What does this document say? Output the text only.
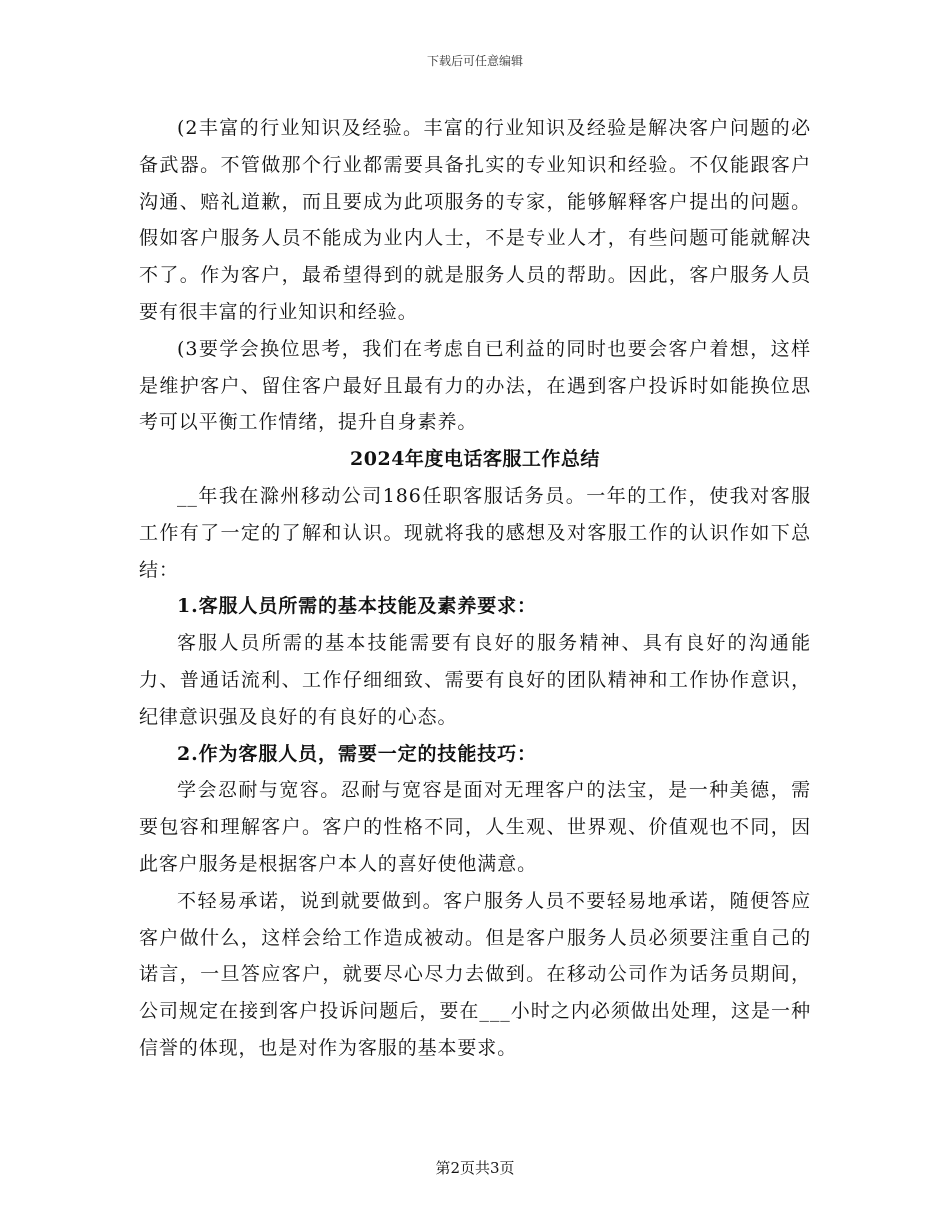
下载后可任意编辑

(2丰富的行业知识及经验。丰富的行业知识及经验是解决客户问题的必备武器。不管做那个行业都需要具备扎实的专业知识和经验。不仅能跟客户沟通、赔礼道歉，而且要成为此项服务的专家，能够解释客户提出的问题。假如客户服务人员不能成为业内人士，不是专业人才，有些问题可能就解决不了。作为客户，最希望得到的就是服务人员的帮助。因此，客户服务人员要有很丰富的行业知识和经验。

(3要学会换位思考，我们在考虑自已利益的同时也要会客户着想，这样是维护客户、留住客户最好且最有力的办法，在遇到客户投诉时如能换位思考可以平衡工作情绪，提升自身素养。

2024年度电话客服工作总结

__年我在滁州移动公司186任职客服话务员。一年的工作，使我对客服工作有了一定的了解和认识。现就将我的感想及对客服工作的认识作如下总结：

1.客服人员所需的基本技能及素养要求：

客服人员所需的基本技能需要有良好的服务精神、具有良好的沟通能力、普通话流利、工作仔细细致、需要有良好的团队精神和工作协作意识，纪律意识强及良好的有良好的心态。

2.作为客服人员，需要一定的技能技巧：

学会忍耐与宽容。忍耐与宽容是面对无理客户的法宝，是一种美德，需要包容和理解客户。客户的性格不同，人生观、世界观、价值观也不同，因此客户服务是根据客户本人的喜好使他满意。

不轻易承诺，说到就要做到。客户服务人员不要轻易地承诺，随便答应客户做什么，这样会给工作造成被动。但是客户服务人员必须要注重自己的诺言，一旦答应客户，就要尽心尽力去做到。在移动公司作为话务员期间，公司规定在接到客户投诉问题后，要在___小时之内必须做出处理，这是一种信誉的体现，也是对作为客服的基本要求。

第2页共3页
